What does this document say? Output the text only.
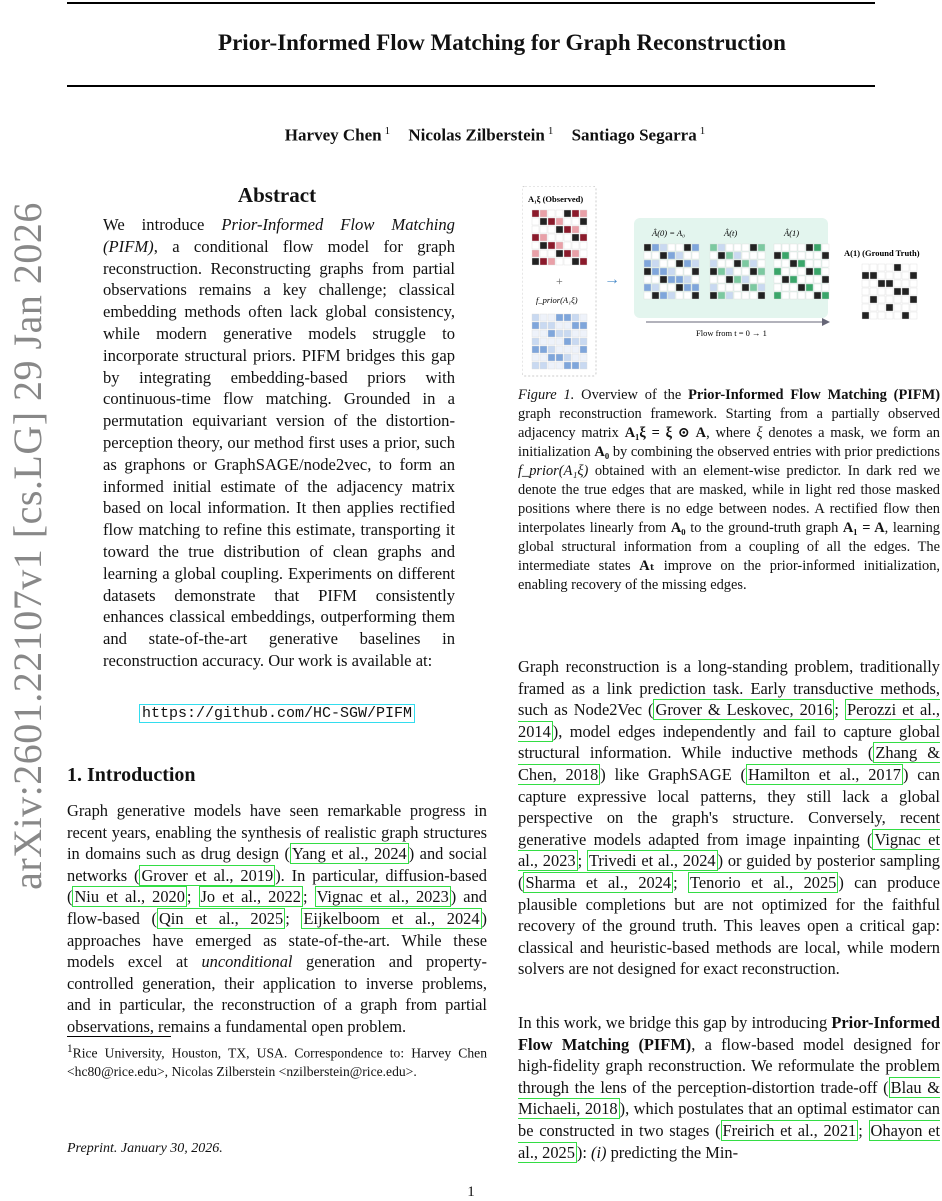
arXiv:2601.22107v1 [cs.LG] 29 Jan 2026
Prior-Informed Flow Matching for Graph Reconstruction
Harvey Chen $^1$ Nicolas Zilberstein $^1$ Santiago Segarra $^1$
Abstract

We introduce Prior-Informed Flow Matching (PIFM), a conditional flow model for graph reconstruction. Reconstructing graphs from partial observations remains a key challenge; classical embedding methods often lack global consistency, while modern generative models struggle to incorporate structural priors. PIFM bridges this gap by integrating embedding-based priors with continuous-time flow matching. Grounded in a permutation equivariant version of the distortion-perception theory, our method first uses a prior, such as graphons or GraphSAGE/node2vec, to form an informed initial estimate of the adjacency matrix based on local information. It then applies rectified flow matching to refine this estimate, transporting it toward the true distribution of clean graphs and learning a global coupling. Experiments on different datasets demonstrate that PIFM consistently enhances classical embeddings, outperforming them and state-of-the-art generative baselines in reconstruction accuracy. Our work is available at:

https://github.com/HC-SGW/PIFM
1. Introduction

Graph generative models have seen remarkable progress in recent years, enabling the synthesis of realistic graph structures in domains such as drug design ( Yang et al., 2024 ) and social networks ( Grover et al., 2019 ). In particular, diffusion-based ( Niu et al., 2020 ; Jo et al., 2022 ; Vignac et al., 2023 ) and flow-based ( Qin et al., 2025 ; Eijkelboom et al., 2024 ) approaches have emerged as state-of-the-art. While these models excel at unconditional generation and property-controlled generation, their application to inverse problems, and in particular, the reconstruction of a graph from partial observations, remains a fundamental open problem.

$^1$Rice University, Houston, TX, USA. Correspondence to: Harvey Chen <hc80@rice.edu>, Nicolas Zilberstein <nzilberstein@rice.edu>.

Preprint. January 30, 2026.
1
A₁ξ (Observed)
+
f_prior(A₁ξ)
→
Â(0) = A₀	Â(t)	Â(1)
Flow from t = 0 → 1
A(1) (Ground Truth)

Figure 1. Overview of the Prior-Informed Flow Matching (PIFM) graph reconstruction framework. Starting from a partially observed adjacency matrix A₁ξ = ξ ⊙ A, where ξ denotes a mask, we form an initialization A₀ by combining the observed entries with prior predictions f_prior(A₁ξ) obtained with an element-wise predictor. In dark red we denote the true edges that are masked, while in light red those masked positions where there is no edge between nodes. A rectified flow then interpolates linearly from A₀ to the ground-truth graph A₁ = A, learning global structural information from a coupling of all the edges. The intermediate states Aₜ improve on the prior-informed initialization, enabling recovery of the missing edges.

Graph reconstruction is a long-standing problem, traditionally framed as a link prediction task. Early transductive methods, such as Node2Vec ( Grover & Leskovec, 2016 ; Perozzi et al., 2014 ), model edges independently and fail to capture global structural information. While inductive methods ( Zhang & Chen, 2018 ) like GraphSAGE ( Hamilton et al., 2017 ) can capture expressive local patterns, they still lack a global perspective on the graph's structure. Conversely, recent generative models adapted from image inpainting ( Vignac et al., 2023 ; Trivedi et al., 2024 ) or guided by posterior sampling ( Sharma et al., 2024 ; Tenorio et al., 2025 ) can produce plausible completions but are not optimized for the faithful recovery of the ground truth. This leaves open a critical gap: classical and heuristic-based methods are local, while modern solvers are not designed for exact reconstruction.

In this work, we bridge this gap by introducing Prior-Informed Flow Matching (PIFM), a flow-based model designed for high-fidelity graph reconstruction. We reformulate the problem through the lens of the perception-distortion trade-off ( Blau & Michaeli, 2018 ), which postulates that an optimal estimator can be constructed in two stages ( Freirich et al., 2021 ; Ohayon et al., 2025 ): (i) predicting the Min-
